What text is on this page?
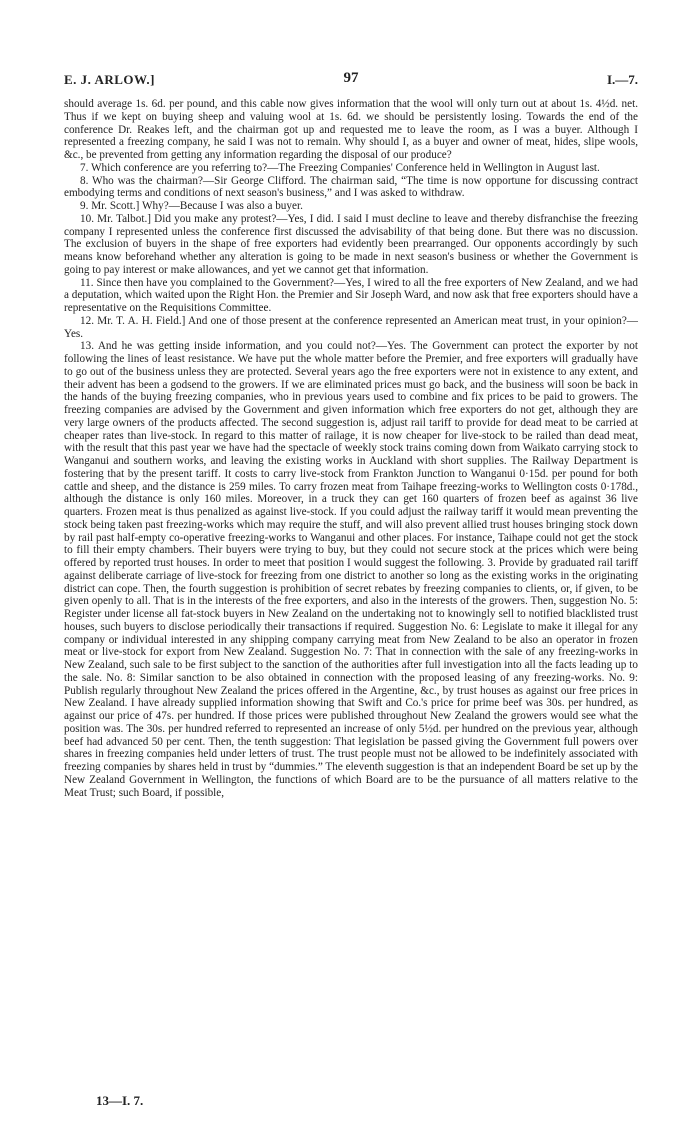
E. J. ARLOW.]	97	I.—7.

should average 1s. 6d. per pound, and this cable now gives information that the wool will only turn out at about 1s. 4½d. net. Thus if we kept on buying sheep and valuing wool at 1s. 6d. we should be persistently losing. Towards the end of the conference Dr. Reakes left, and the chairman got up and requested me to leave the room, as I was a buyer. Although I represented a freezing company, he said I was not to remain. Why should I, as a buyer and owner of meat, hides, slipe wools, &c., be prevented from getting any information regarding the disposal of our produce?

7. Which conference are you referring to?—The Freezing Companies' Conference held in Wellington in August last.

8. Who was the chairman?—Sir George Clifford. The chairman said, “The time is now opportune for discussing contract embodying terms and conditions of next season's business,” and I was asked to withdraw.

9. Mr. Scott.] Why?—Because I was also a buyer.

10. Mr. Talbot.] Did you make any protest?—Yes, I did. I said I must decline to leave and thereby disfranchise the freezing company I represented unless the conference first discussed the advisability of that being done. But there was no discussion. The exclusion of buyers in the shape of free exporters had evidently been prearranged. Our opponents accordingly by such means know beforehand whether any alteration is going to be made in next season's business or whether the Government is going to pay interest or make allowances, and yet we cannot get that information.

11. Since then have you complained to the Government?—Yes, I wired to all the free exporters of New Zealand, and we had a deputation, which waited upon the Right Hon. the Premier and Sir Joseph Ward, and now ask that free exporters should have a representative on the Requisitions Committee.

12. Mr. T. A. H. Field.] And one of those present at the conference represented an American meat trust, in your opinion?—Yes.

13. And he was getting inside information, and you could not?—Yes. The Government can protect the exporter by not following the lines of least resistance. We have put the whole matter before the Premier, and free exporters will gradually have to go out of the business unless they are protected. Several years ago the free exporters were not in existence to any extent, and their advent has been a godsend to the growers. If we are eliminated prices must go back, and the business will soon be back in the hands of the buying freezing companies, who in previous years used to combine and fix prices to be paid to growers. The freezing companies are advised by the Government and given information which free exporters do not get, although they are very large owners of the products affected. The second suggestion is, adjust rail tariff to provide for dead meat to be carried at cheaper rates than live-stock. In regard to this matter of railage, it is now cheaper for live-stock to be railed than dead meat, with the result that this past year we have had the spectacle of weekly stock trains coming down from Waikato carrying stock to Wanganui and southern works, and leaving the existing works in Auckland with short supplies. The Railway Department is fostering that by the present tariff. It costs to carry live-stock from Frankton Junction to Wanganui 0·15d. per pound for both cattle and sheep, and the distance is 259 miles. To carry frozen meat from Taihape freezing-works to Wellington costs 0·178d., although the distance is only 160 miles. Moreover, in a truck they can get 160 quarters of frozen beef as against 36 live quarters. Frozen meat is thus penalized as against live-stock. If you could adjust the railway tariff it would mean preventing the stock being taken past freezing-works which may require the stuff, and will also prevent allied trust houses bringing stock down by rail past half-empty co-operative freezing-works to Wanganui and other places. For instance, Taihape could not get the stock to fill their empty chambers. Their buyers were trying to buy, but they could not secure stock at the prices which were being offered by reported trust houses. In order to meet that position I would suggest the following. 3. Provide by graduated rail tariff against deliberate carriage of live-stock for freezing from one district to another so long as the existing works in the originating district can cope. Then, the fourth suggestion is prohibition of secret rebates by freezing companies to clients, or, if given, to be given openly to all. That is in the interests of the free exporters, and also in the interests of the growers. Then, suggestion No. 5: Register under license all fat-stock buyers in New Zealand on the undertaking not to knowingly sell to notified blacklisted trust houses, such buyers to disclose periodically their transactions if required. Suggestion No. 6: Legislate to make it illegal for any company or individual interested in any shipping company carrying meat from New Zealand to be also an operator in frozen meat or live-stock for export from New Zealand. Suggestion No. 7: That in connection with the sale of any freezing-works in New Zealand, such sale to be first subject to the sanction of the authorities after full investigation into all the facts leading up to the sale. No. 8: Similar sanction to be also obtained in connection with the proposed leasing of any freezing-works. No. 9: Publish regularly throughout New Zealand the prices offered in the Argentine, &c., by trust houses as against our free prices in New Zealand. I have already supplied information showing that Swift and Co.'s price for prime beef was 30s. per hundred, as against our price of 47s. per hundred. If those prices were published throughout New Zealand the growers would see what the position was. The 30s. per hundred referred to represented an increase of only 5½d. per hundred on the previous year, although beef had advanced 50 per cent. Then, the tenth suggestion: That legislation be passed giving the Government full powers over shares in freezing companies held under letters of trust. The trust people must not be allowed to be indefinitely associated with freezing companies by shares held in trust by “dummies.” The eleventh suggestion is that an independent Board be set up by the New Zealand Government in Wellington, the functions of which Board are to be the pursuance of all matters relative to the Meat Trust; such Board, if possible,

13—I. 7.
